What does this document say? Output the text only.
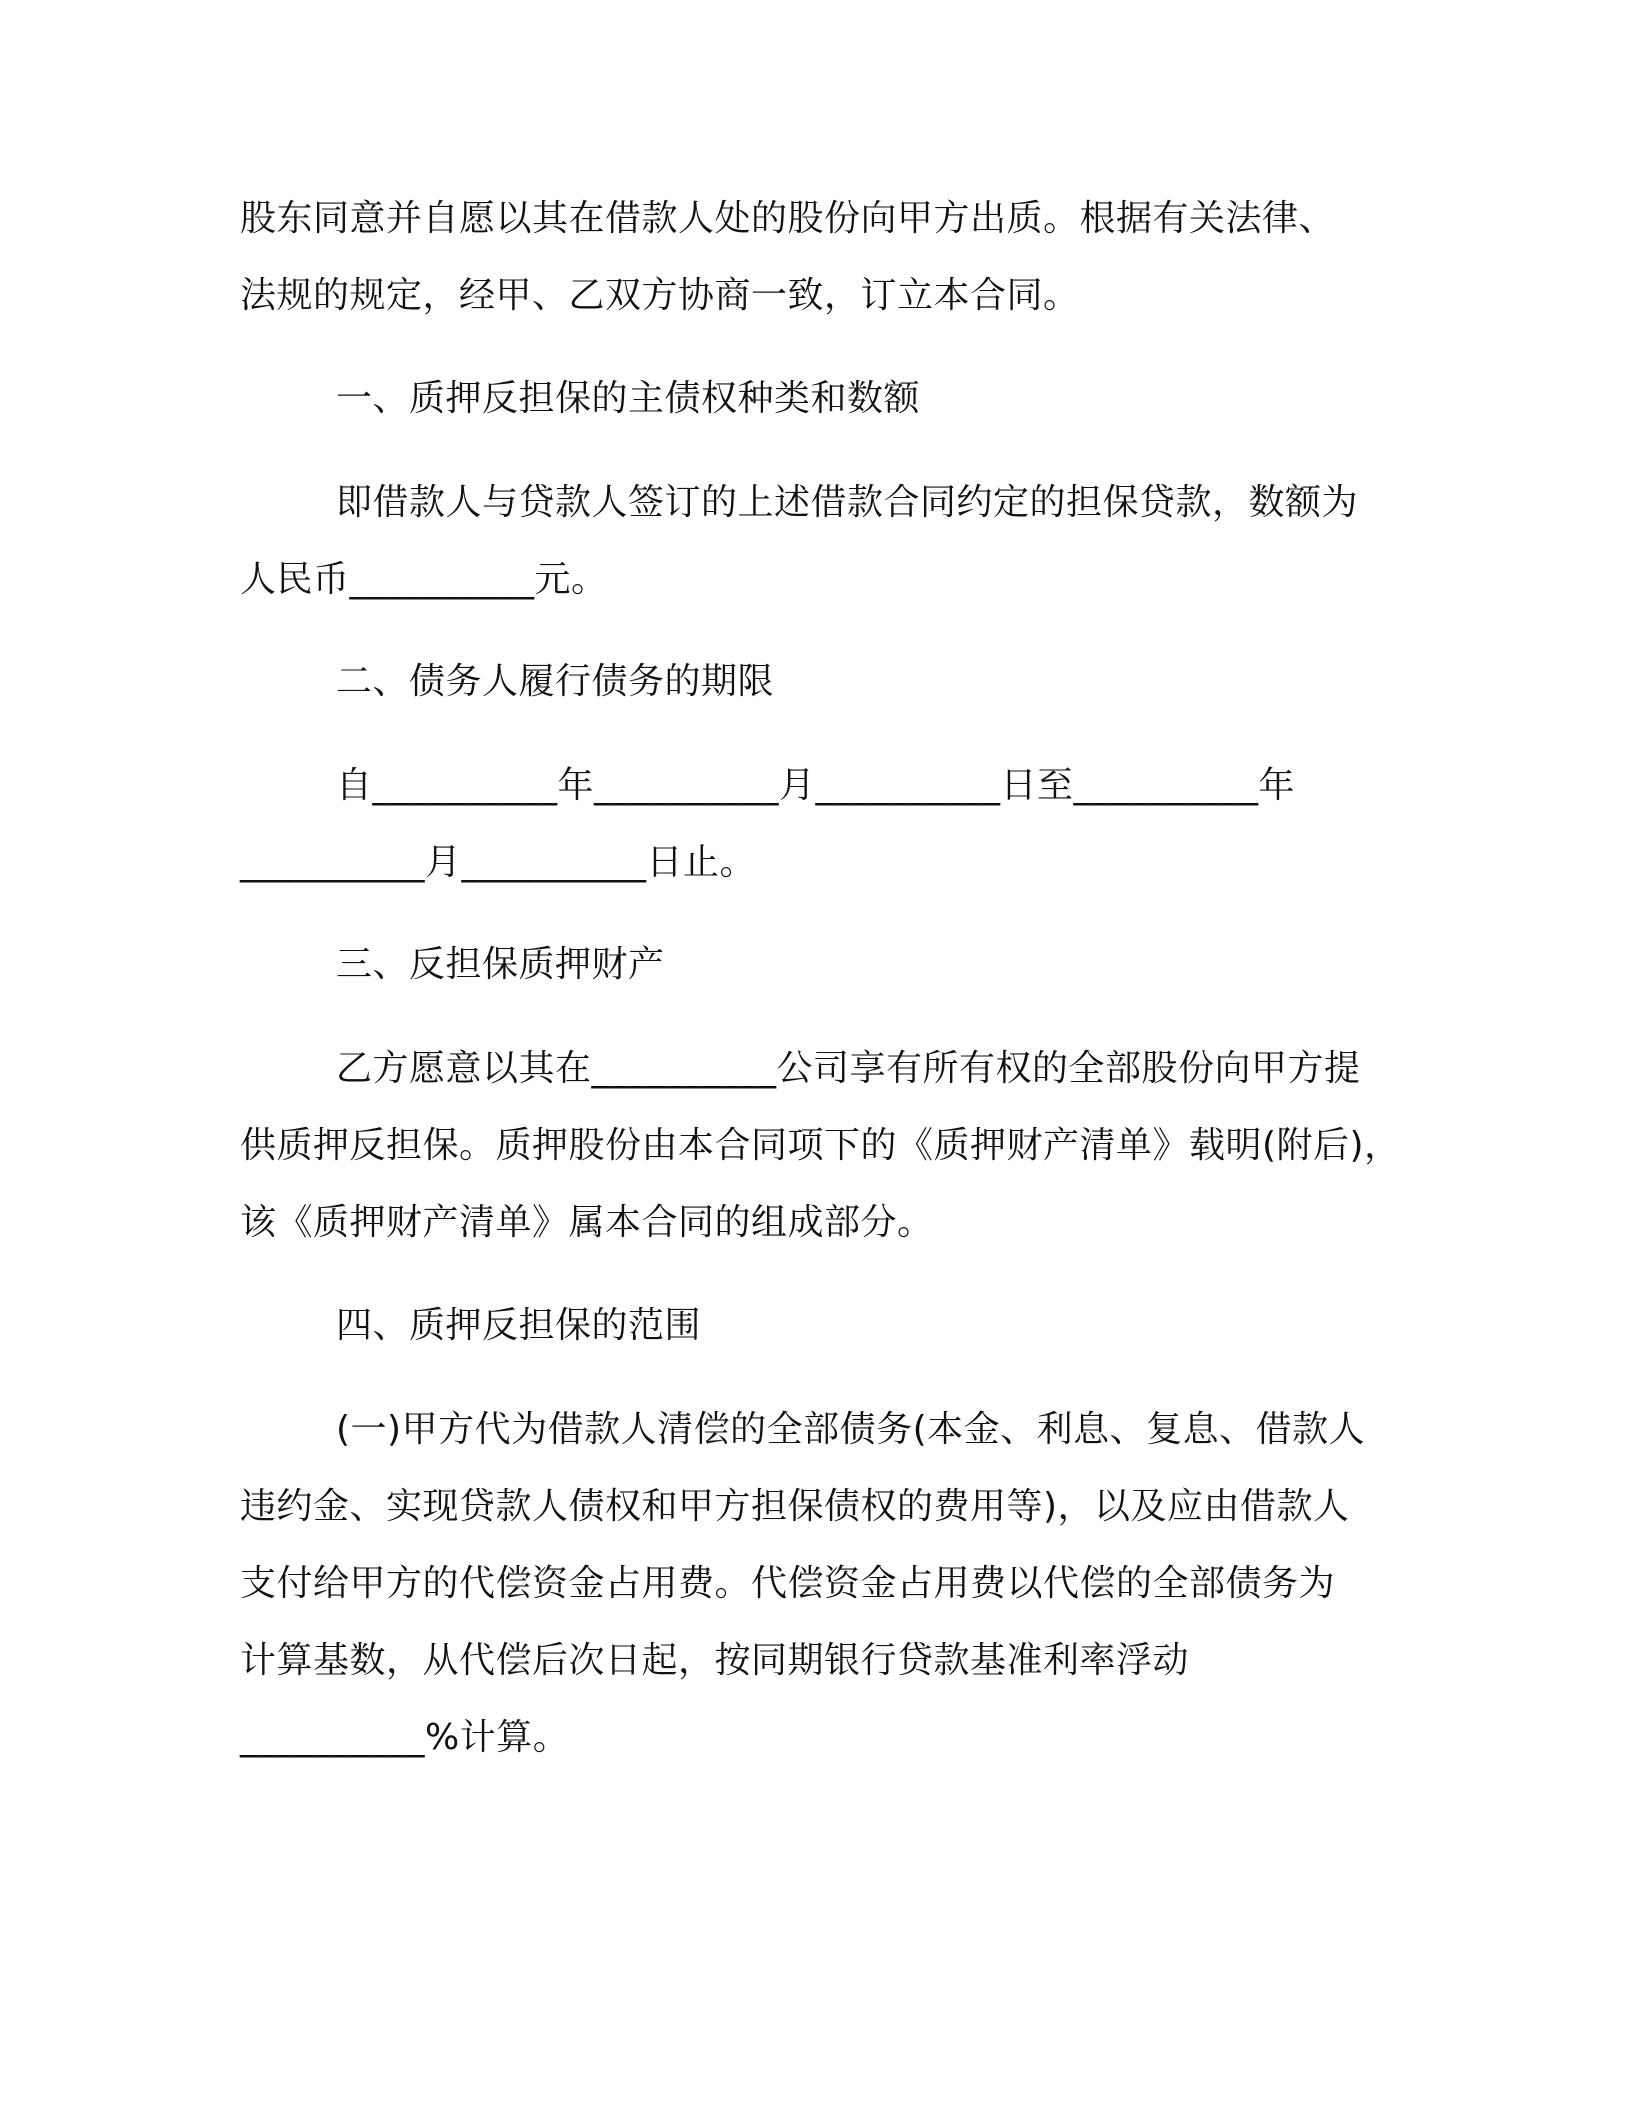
股东同意并自愿以其在借款人处的股份向甲方出质。根据有关法律、
法规的规定，经甲、乙双方协商一致，订立本合同。
一、质押反担保的主债权种类和数额
即借款人与贷款人签订的上述借款合同约定的担保贷款，数额为
人民币__________元。
二、债务人履行债务的期限
自__________年__________月__________日至__________年
__________月__________日止。
三、反担保质押财产
乙方愿意以其在__________公司享有所有权的全部股份向甲方提
供质押反担保。质押股份由本合同项下的《质押财产清单》载明(附后)，
该《质押财产清单》属本合同的组成部分。
四、质押反担保的范围
(一)甲方代为借款人清偿的全部债务(本金、利息、复息、借款人
违约金、实现贷款人债权和甲方担保债权的费用等)，以及应由借款人
支付给甲方的代偿资金占用费。代偿资金占用费以代偿的全部债务为
计算基数，从代偿后次日起，按同期银行贷款基准利率浮动
__________%计算。
